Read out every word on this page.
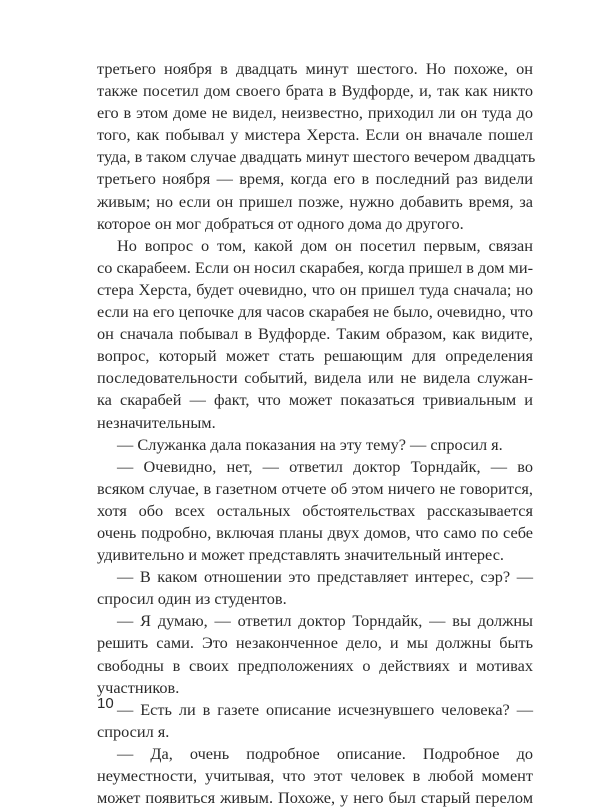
третьего ноября в двадцать минут шестого. Но похоже, он
также посетил дом своего брата в Вудфорде, и, так как никто
его в этом доме не видел, неизвестно, приходил ли он туда до
того, как побывал у мистера Херста. Если он вначале пошел
туда, в таком случае двадцать минут шестого вечером двадцать
третьего ноября — время, когда его в последний раз видели
живым; но если он пришел позже, нужно добавить время, за
которое он мог добраться от одного дома до другого.
Но вопрос о том, какой дом он посетил первым, связан
со скарабеем. Если он носил скарабея, когда пришел в дом ми-
стера Херста, будет очевидно, что он пришел туда сначала; но
если на его цепочке для часов скарабея не было, очевидно, что
он сначала побывал в Вудфорде. Таким образом, как видите,
вопрос, который может стать решающим для определения
последовательности событий, видела или не видела служан-
ка скарабей — факт, что может показаться тривиальным и
незначительным.
— Служанка дала показания на эту тему? — спросил я.
— Очевидно, нет, — ответил доктор Торндайк, — во
всяком случае, в газетном отчете об этом ничего не говорится,
хотя обо всех остальных обстоятельствах рассказывается
очень подробно, включая планы двух домов, что само по себе
удивительно и может представлять значительный интерес.
— В каком отношении это представляет интерес, сэр? —
спросил один из студентов.
— Я думаю, — ответил доктор Торндайк, — вы должны
решить сами. Это незаконченное дело, и мы должны быть
свободны в своих предположениях о действиях и мотивах
участников.
— Есть ли в газете описание исчезнувшего человека? —
спросил я.
— Да, очень подробное описание. Подробное до
неуместности, учитывая, что этот человек в любой момент
может появиться живым. Похоже, у него был старый перелом
10
